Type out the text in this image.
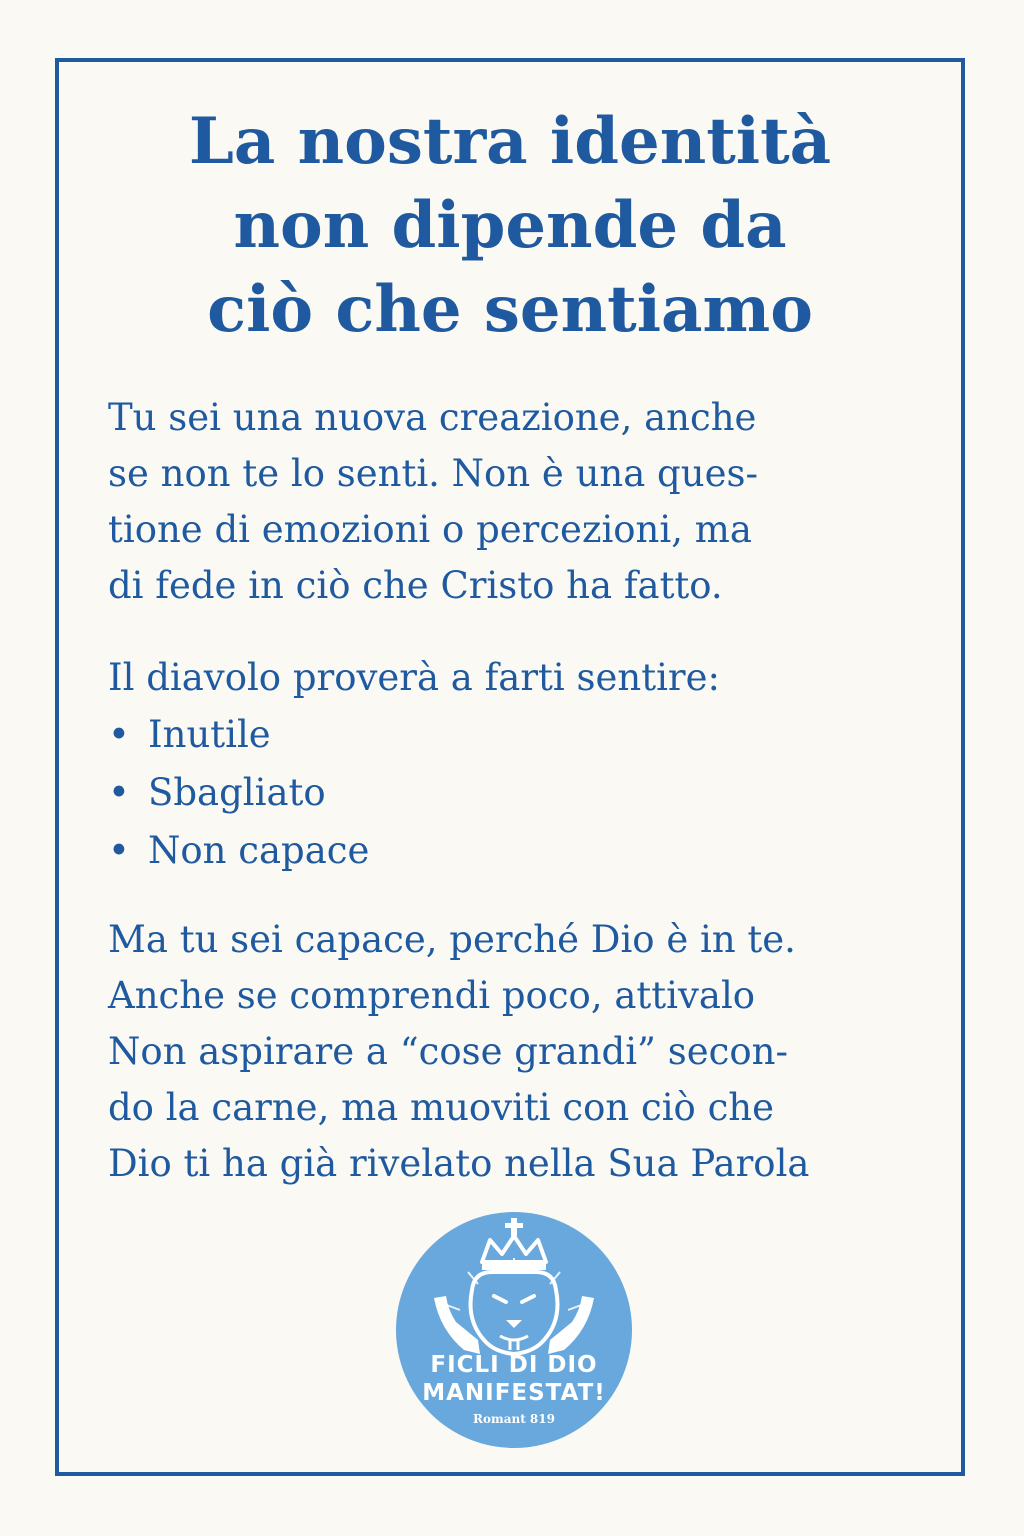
La nostra identità
non dipende da
ciò che sentiamo

Tu sei una nuova creazione, anche
se non te lo senti. Non è una ques-
tione di emozioni o percezioni, ma
di fede in ciò che Cristo ha fatto.

Il diavolo proverà a farti sentire:

• Inutile
• Sbagliato
• Non capace

Ma tu sei capace, perché Dio è in te.
Anche se comprendi poco, attivalo
Non aspirare a “cose grandi” secon-
do la carne, ma muoviti con ciò che
Dio ti ha già rivelato nella Sua Parola

FICLI DI DIO
MANIFESTAT!
Romant 819
